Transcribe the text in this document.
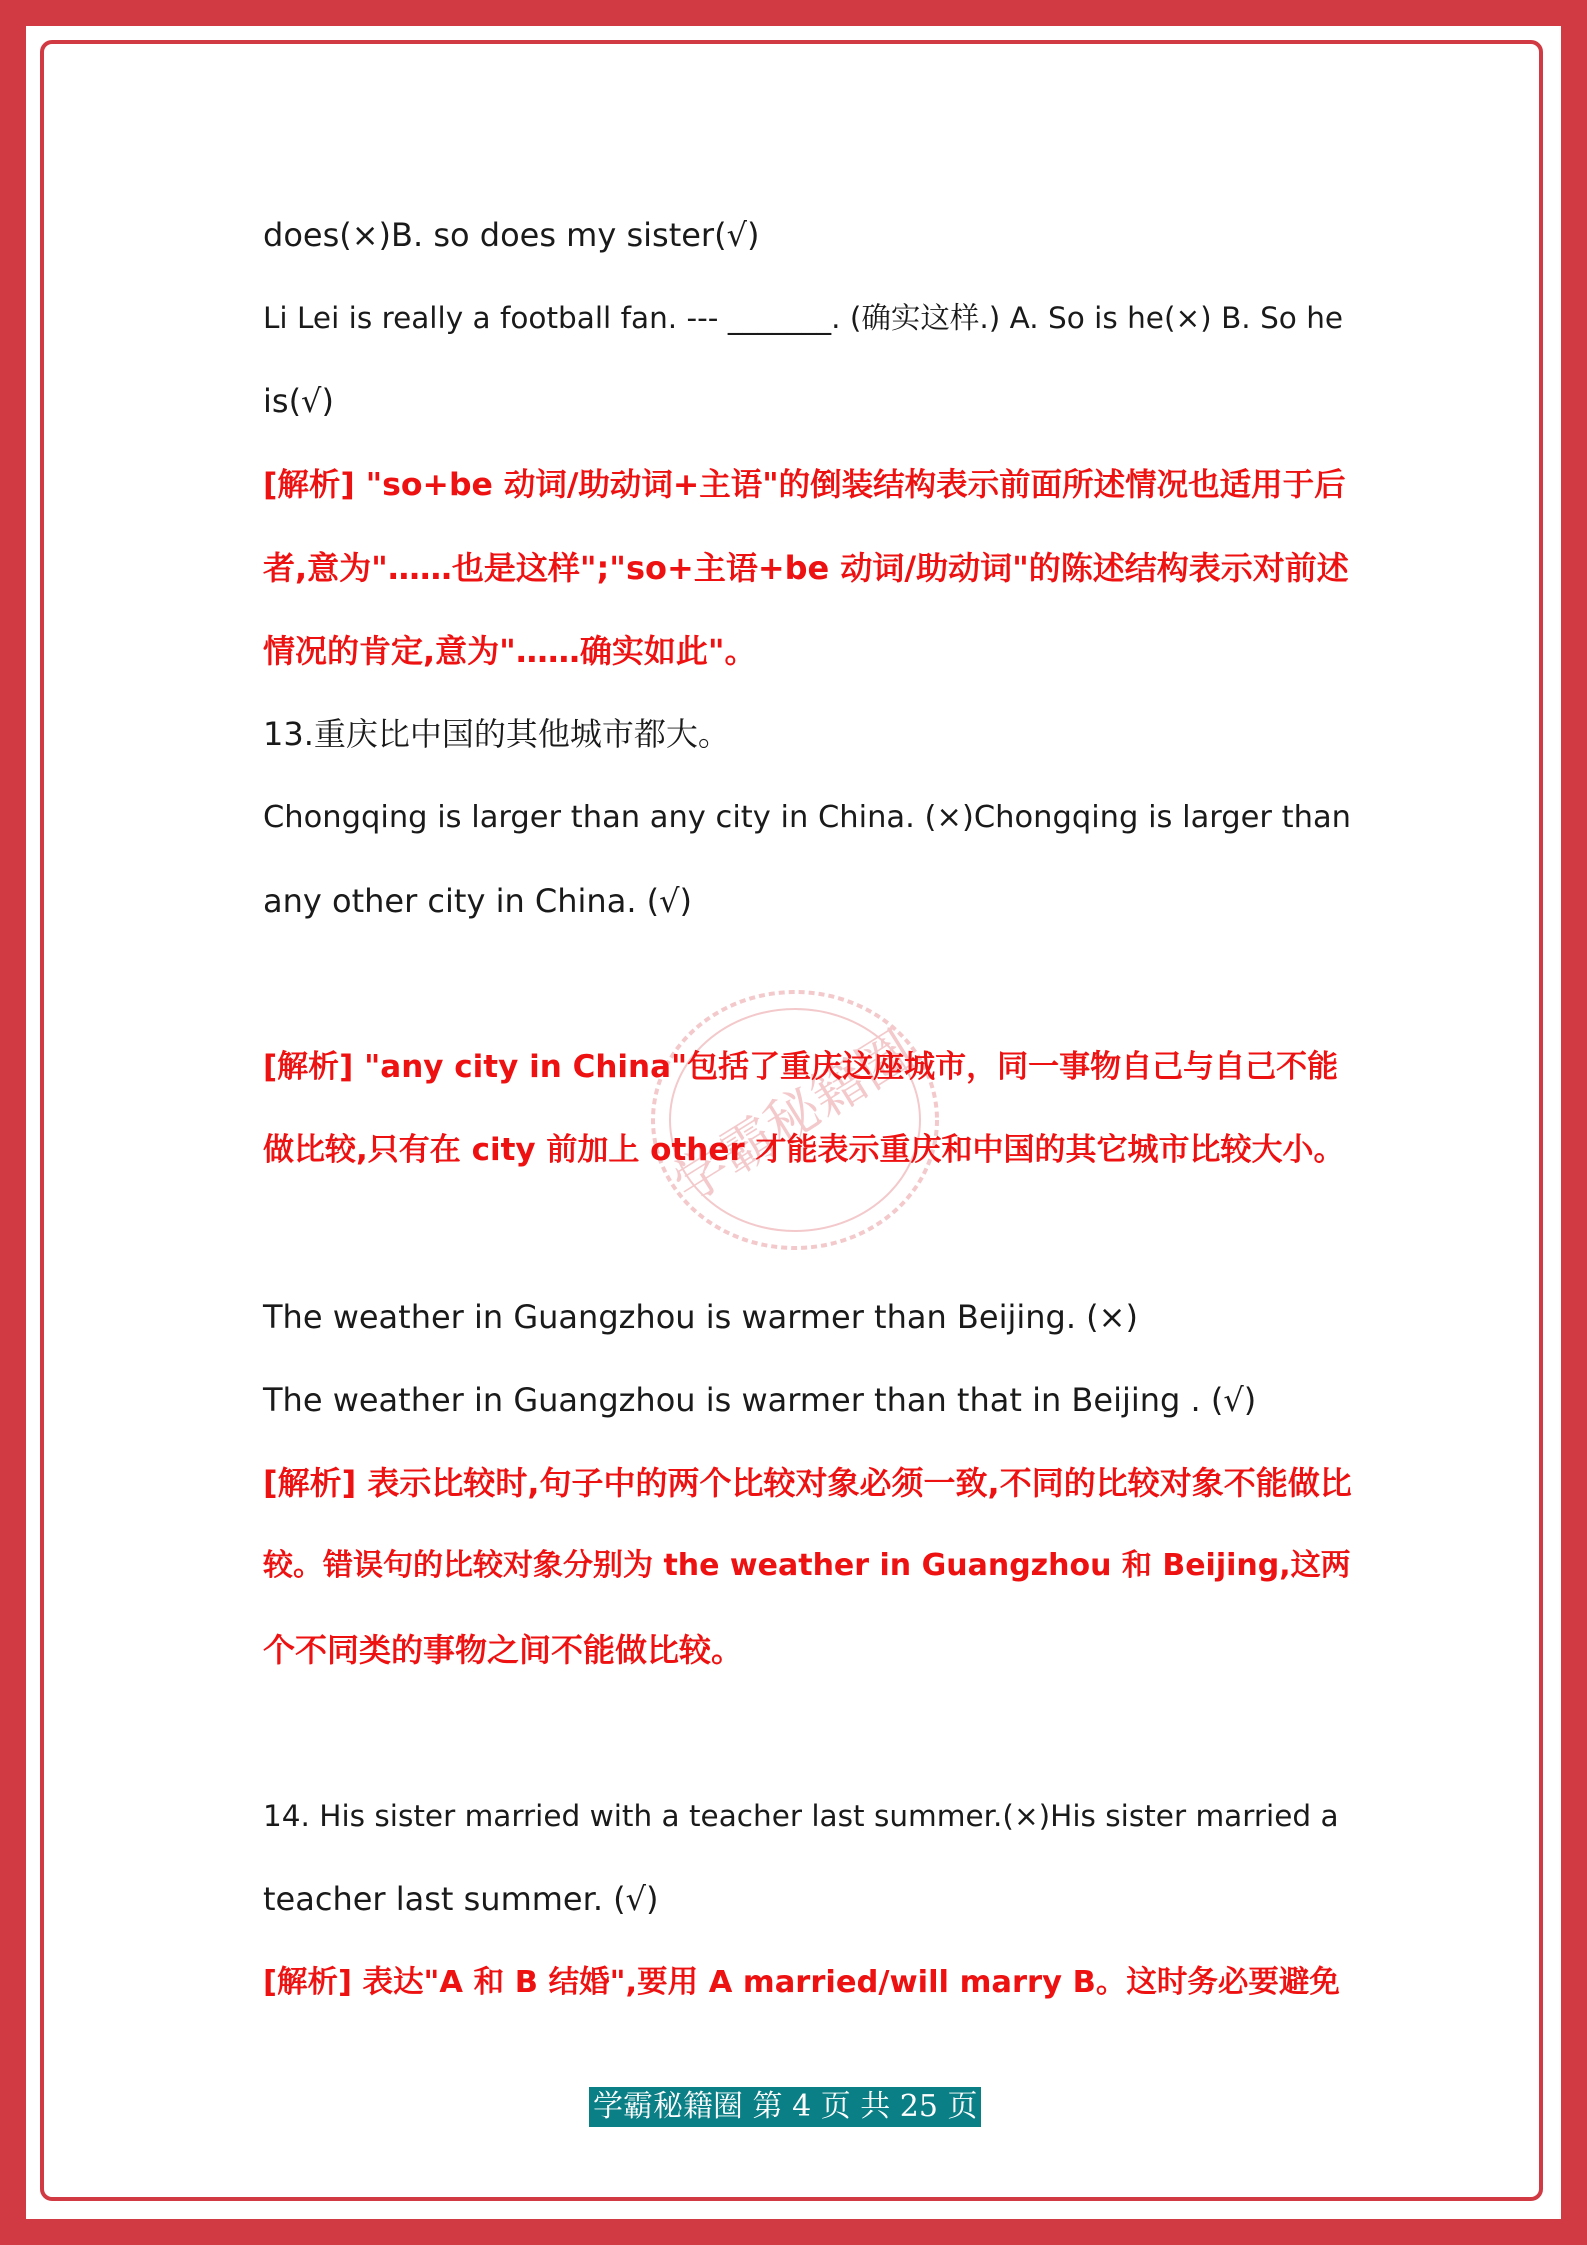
学霸秘籍圈
does(×)B. so does my sister(√)
Li Lei is really a football fan. --- _______. (确实这样.) A. So is he(×) B. So he
is(√)
[解析] "so+be 动词/助动词+主语"的倒装结构表示前面所述情况也适用于后
者,意为"……也是这样";"so+主语+be 动词/助动词"的陈述结构表示对前述
情况的肯定,意为"……确实如此"。
13.重庆比中国的其他城市都大。
Chongqing is larger than any city in China. (×)Chongqing is larger than
any other city in China. (√)
[解析] "any city in China"包括了重庆这座城市，同一事物自己与自己不能
做比较,只有在 city 前加上 other 才能表示重庆和中国的其它城市比较大小。
The weather in Guangzhou is warmer than Beijing. (×)
The weather in Guangzhou is warmer than that in Beijing . (√)
[解析] 表示比较时,句子中的两个比较对象必须一致,不同的比较对象不能做比
较。错误句的比较对象分别为 the weather in Guangzhou 和 Beijing,这两
个不同类的事物之间不能做比较。
14. His sister married with a teacher last summer.(×)His sister married a
teacher last summer. (√)
[解析] 表达"A 和 B 结婚",要用 A married/will marry B。这时务必要避免
学霸秘籍圈 第 4 页 共 25 页
